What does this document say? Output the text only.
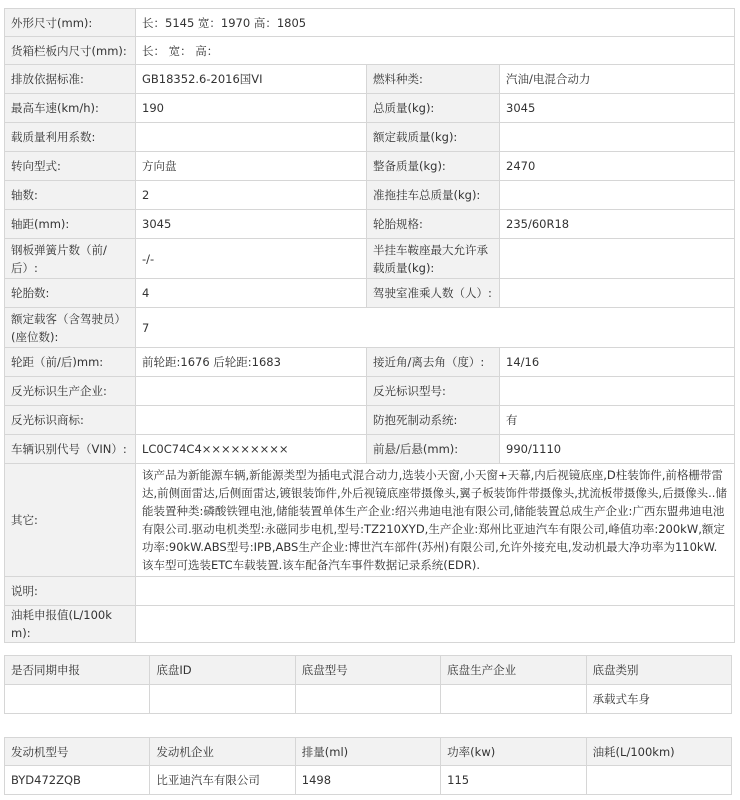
外形尺寸(mm):	长：5145 宽：1970 高：1805		
货箱栏板内尺寸(mm):	长： 宽： 高：		
排放依据标准:	GB18352.6-2016国VI	燃料种类:	汽油/电混合动力
最高车速(km/h):	190	总质量(kg):	3045
载质量利用系数:		额定载质量(kg):	
转向型式:	方向盘	整备质量(kg):	2470
轴数:	2	准拖挂车总质量(kg):	
轴距(mm):	3045	轮胎规格:	235/60R18
钢板弹簧片数（前/后）:	-/-	半挂车鞍座最大允许承载质量(kg):	
轮胎数:	4	驾驶室准乘人数（人）:	
额定载客（含驾驶员）(座位数):	7		
轮距（前/后)mm:	前轮距:1676 后轮距:1683	接近角/离去角（度）:	14/16
反光标识生产企业:		反光标识型号:	
反光标识商标:		防抱死制动系统:	有
车辆识别代号（VIN）:	LC0C74C4×××××××××	前悬/后悬(mm):	990/1110
其它:	该产品为新能源车辆,新能源类型为插电式混合动力,选装小天窗,小天窗+天幕,内后视镜底座,D柱装饰件,前格栅带雷达,前侧面雷达,后侧面雷达,镀银装饰件,外后视镜底座带摄像头,翼子板装饰件带摄像头,扰流板带摄像头,后摄像头..储能装置种类:磷酸铁锂电池,储能装置单体生产企业:绍兴弗迪电池有限公司,储能装置总成生产企业:广西东盟弗迪电池有限公司.驱动电机类型:永磁同步电机,型号:TZ210XYD,生产企业:郑州比亚迪汽车有限公司,峰值功率:200kW,额定功率:90kW.ABS型号:IPB,ABS生产企业:博世汽车部件(苏州)有限公司,允许外接充电,发动机最大净功率为110kW.该车型可选装ETC车载装置.该车配备汽车事件数据记录系统(EDR).		
说明:			
油耗申报值(L/100km):			
是否同期申报	底盘ID	底盘型号	底盘生产企业	底盘类别
				承载式车身
发动机型号	发动机企业	排量(ml)	功率(kw)	油耗(L/100km)
BYD472ZQB	比亚迪汽车有限公司	1498	115	
